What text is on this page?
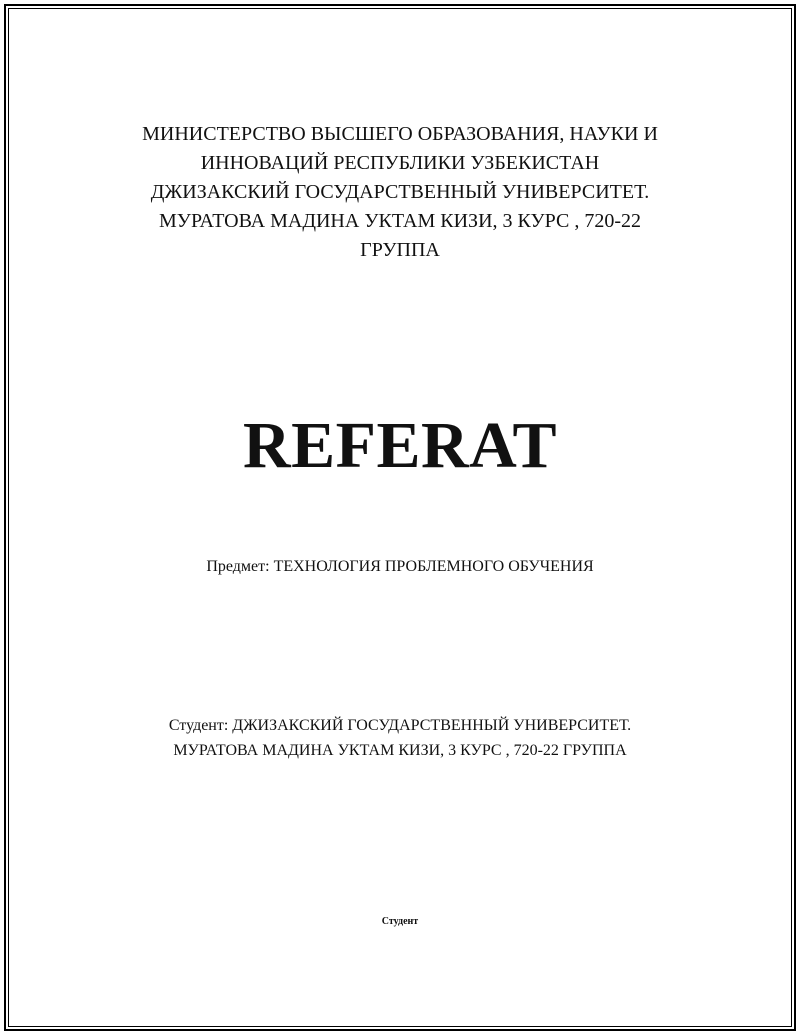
МИНИСТЕРСТВО ВЫСШЕГО ОБРАЗОВАНИЯ, НАУКИ И
ИННОВАЦИЙ РЕСПУБЛИКИ УЗБЕКИСТАН
ДЖИЗАКСКИЙ ГОСУДАРСТВЕННЫЙ УНИВЕРСИТЕТ.
МУРАТОВА МАДИНА УКТАМ КИЗИ, 3 КУРС , 720-22
ГРУППА
REFERAT
Предмет: ТЕХНОЛОГИЯ ПРОБЛЕМНОГО ОБУЧЕНИЯ
Студент: ДЖИЗАКСКИЙ ГОСУДАРСТВЕННЫЙ УНИВЕРСИТЕТ.
МУРАТОВА МАДИНА УКТАМ КИЗИ, 3 КУРС , 720-22 ГРУППА
Студент
